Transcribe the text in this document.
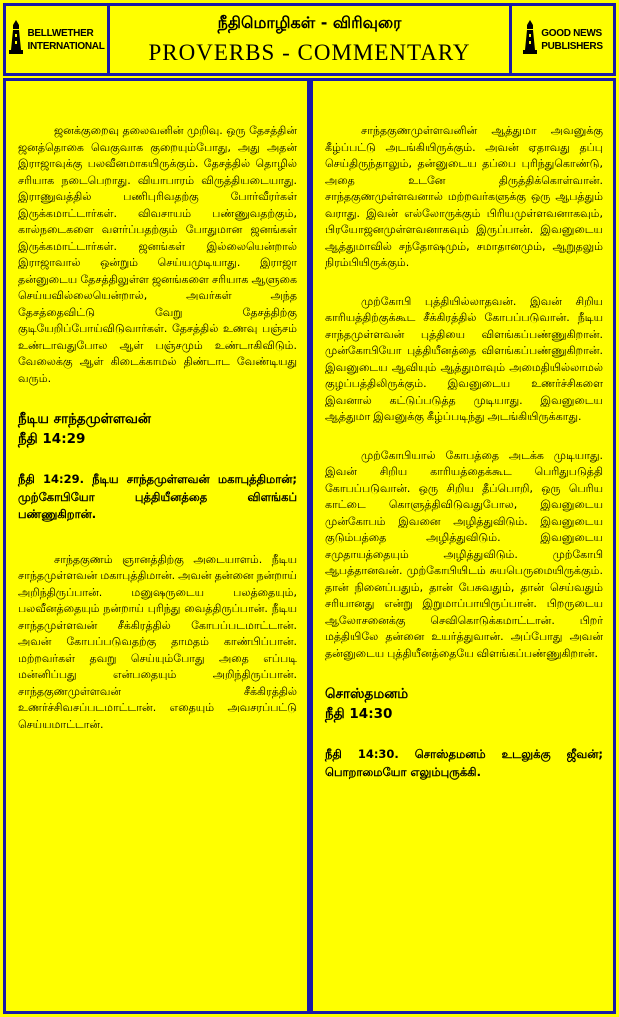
BELLWETHER
INTERNATIONAL
நீதிமொழிகள் - விரிவுரை
PROVERBS - COMMENTARY
GOOD NEWS
PUBLISHERS

ஜனக்குறைவு தலைவனின் முறிவு. ஒரு தேசத்தின் ஜனத்தொகை வெகுவாக குறையும்போது, அது அதன் இராஜாவுக்கு பலவீனமாகயிருக்கும். தேசத்தில் தொழில் சரியாக நடைபெறாது. வியாபாரம் விருத்தியடையாது. இராணுவத்தில் பணிபுரிவதற்கு போர்வீரர்கள் இருக்கமாட்டார்கள். விவசாயம் பண்ணுவதற்கும், கால்நடைகளை வளர்ப்பதற்கும் போதுமான ஜனங்கள் இருக்கமாட்டார்கள். ஜனங்கள் இல்லையென்றால் இராஜாவால் ஒன்றும் செய்யமுடியாது. இராஜா தன்னுடைய தேசத்திலுள்ள ஜனங்களை சரியாக ஆளுகை செய்யவில்லையென்றால், அவர்கள் அந்த தேசத்தைவிட்டு வேறு தேசத்திற்கு குடியேறிப்போய்விடுவார்கள். தேசத்தில் உணவு பஞ்சம் உண்டாவதுபோல ஆள் பஞ்சமும் உண்டாகிவிடும். வேலைக்கு ஆள் கிடைக்காமல் திண்டாட வேண்டியது வரும்.

நீடிய சாந்தமுள்ளவன்
நீதி 14:29

நீதி 14:29. நீடிய சாந்தமுள்ளவன் மகாபுத்திமான்; முற்கோபியோ புத்தியீனத்தை விளங்கப் பண்ணுகிறான்.

சாந்தகுணம் ஞானத்திற்கு அடையாளம். நீடிய சாந்தமுள்ளவன் மகாபுத்திமான். அவன் தன்னை நன்றாய் அறிந்திருப்பான். மனுஷருடைய பலத்தையும், பலவீனத்தையும் நன்றாய் புரிந்து வைத்திருப்பான். நீடிய சாந்தமுள்ளவன் சீக்கிரத்தில் கோபப்படமாட்டான். அவன் கோபப்படுவதற்கு தாமதம் காண்பிப்பான். மற்றவர்கள் தவறு செய்யும்போது அதை எப்படி மன்னிப்பது என்பதையும் அறிந்திருப்பான். சாந்தகுணமுள்ளவன் சீக்கிரத்தில் உணர்ச்சிவசப்படமாட்டான். எதையும் அவசரப்பட்டு செய்யமாட்டான்.

சாந்தகுணமுள்ளவனின் ஆத்துமா அவனுக்கு கீழ்ப்பட்டு அடங்கியிருக்கும். அவன் ஏதாவது தப்பு செய்திருந்தாலும், தன்னுடைய தப்பை புரிந்துகொண்டு, அதை உடனே திருத்திக்கொள்வான். சாந்தகுணமுள்ளவனால் மற்றவர்களுக்கு ஒரு ஆபத்தும் வராது. இவன் எல்லோருக்கும் பிரியமுள்ளவனாகவும், பிரயோஜனமுள்ளவனாகவும் இருப்பான். இவனுடைய ஆத்துமாவில் சந்தோஷமும், சமாதானமும், ஆறுதலும் நிரம்பியிருக்கும்.

முற்கோபி புத்தியில்லாதவன். இவன் சிறிய காரியத்திற்குக்கூட சீக்கிரத்தில் கோபப்படுவான். நீடிய சாந்தமுள்ளவன் புத்தியை விளங்கப்பண்ணுகிறான். முன்கோபியோ புத்தியீனத்தை விளங்கப்பண்ணுகிறான். இவனுடைய ஆவியும் ஆத்துமாவும் அமைதியில்லாமல் குழப்பத்திலிருக்கும். இவனுடைய உணர்ச்சிகளை இவனால் கட்டுப்படுத்த முடியாது. இவனுடைய ஆத்துமா இவனுக்கு கீழ்ப்படிந்து அடங்கியிருக்காது.

முற்கோபியால் கோபத்தை அடக்க முடியாது. இவன் சிறிய காரியத்தைக்கூட பெரிதுபடுத்தி கோபப்படுவான். ஒரு சிறிய தீப்பொறி, ஒரு பெரிய காட்டை கொளுத்திவிடுவதுபோல, இவனுடைய முன்கோபம் இவனை அழித்துவிடும். இவனுடைய குடும்பத்தை அழித்துவிடும். இவனுடைய சமுதாயத்தையும் அழித்துவிடும். முற்கோபி ஆபத்தானவன். முற்கோபியிடம் சுயபெருமையிருக்கும். தான் நினைப்பதும், தான் பேசுவதும், தான் செய்வதும் சரியானது என்று இறுமாப்பாயிருப்பான். பிறருடைய ஆலோசனைக்கு செவிகொடுக்கமாட்டான். பிறர் மத்தியிலே தன்னை உயர்த்துவான். அப்போது அவன் தன்னுடைய புத்தியீனத்தையே விளங்கப்பண்ணுகிறான்.

சொஸ்தமனம்
நீதி 14:30

நீதி 14:30. சொஸ்தமனம் உடலுக்கு ஜீவன்; பொறாமையோ எலும்புருக்கி.
